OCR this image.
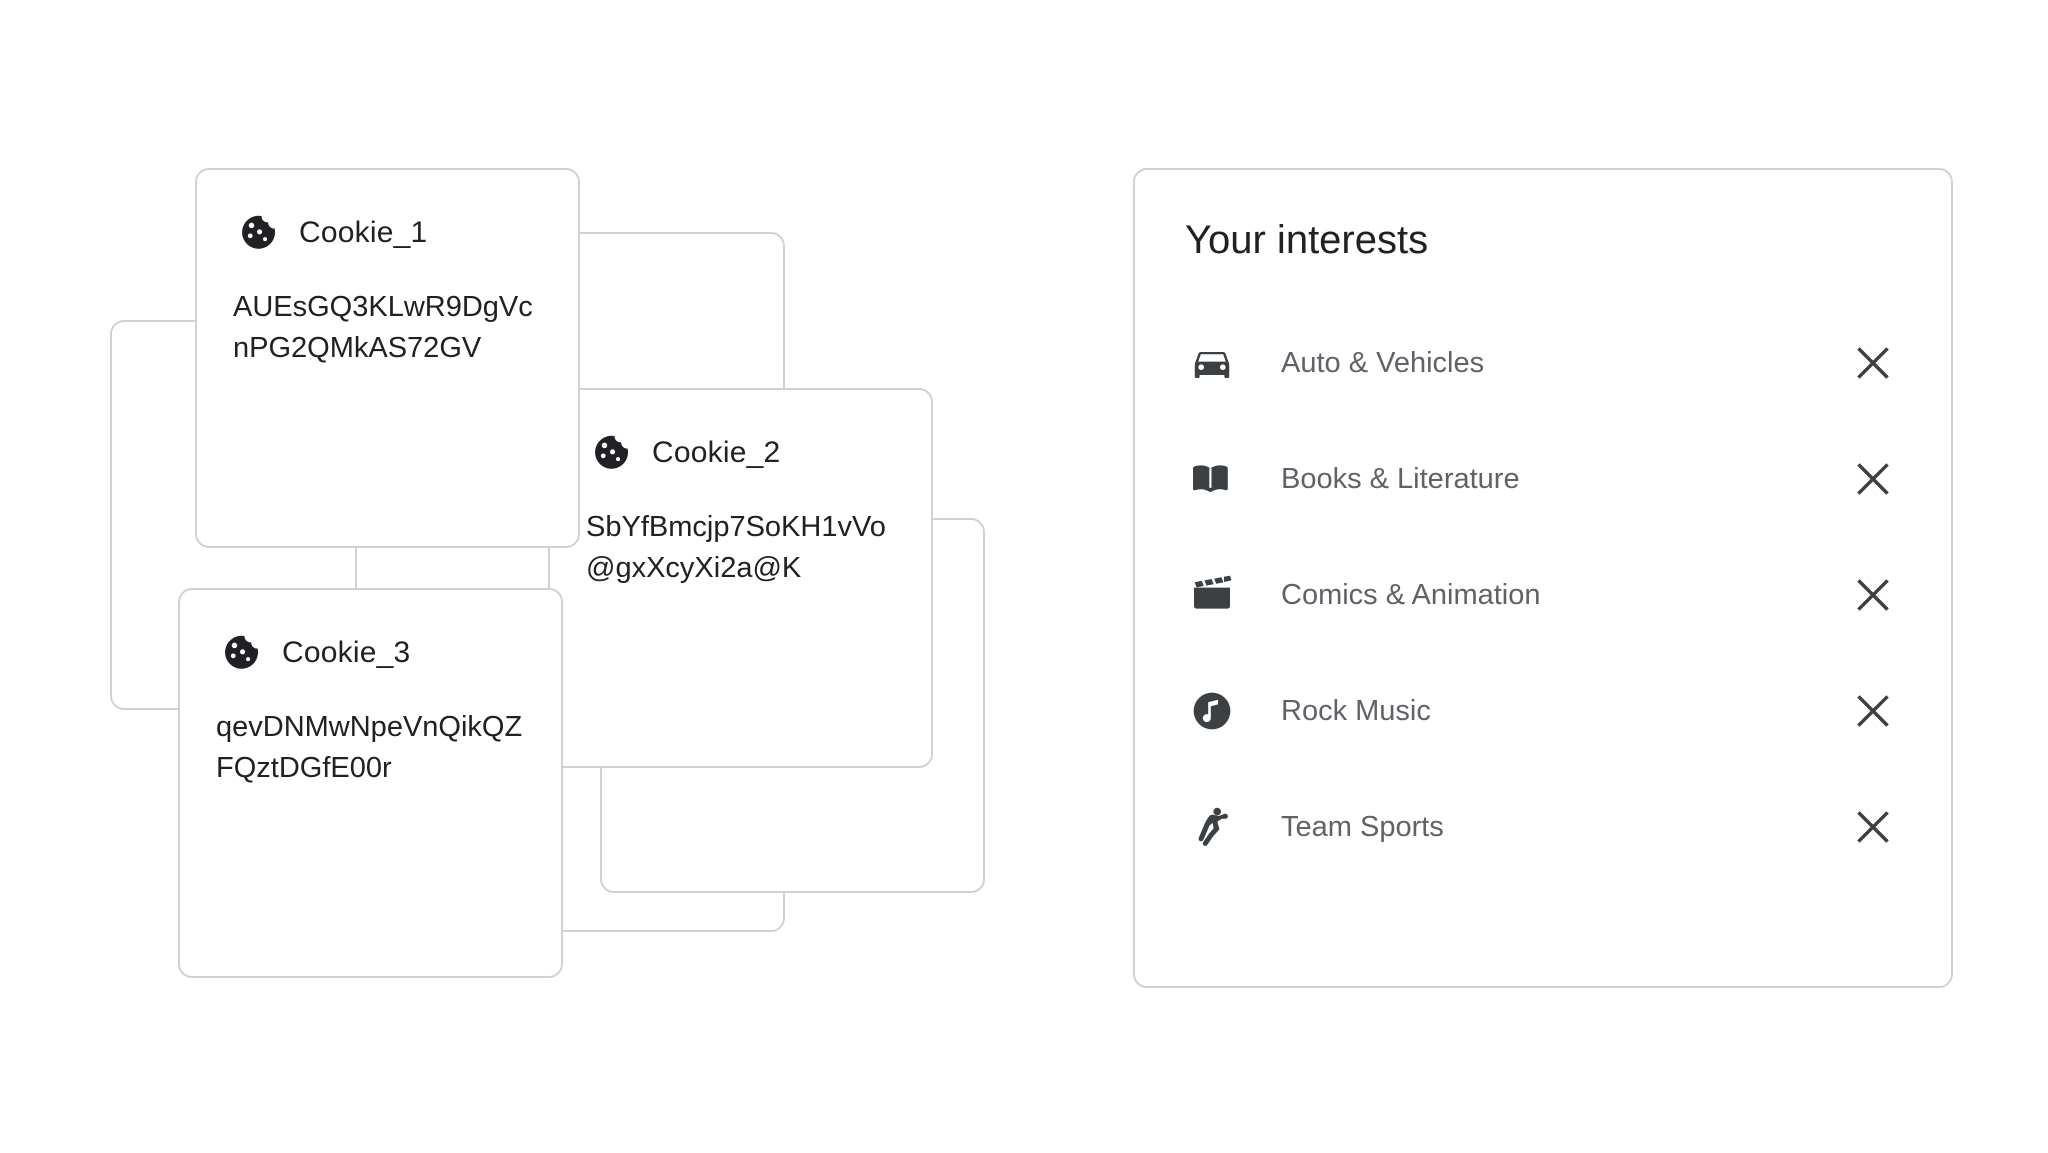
Cookie_1
AUEsGQ3KLwR9DgVcnPG2QMkAS72GV
Cookie_2
SbYfBmcjp7SoKH1vVo@gxXcyXi2a@K
Cookie_3
qevDNMwNpeVnQikQZFQztDGfE00r
Your interests
Auto & Vehicles
Books & Literature
Comics & Animation
Rock Music
Team Sports
